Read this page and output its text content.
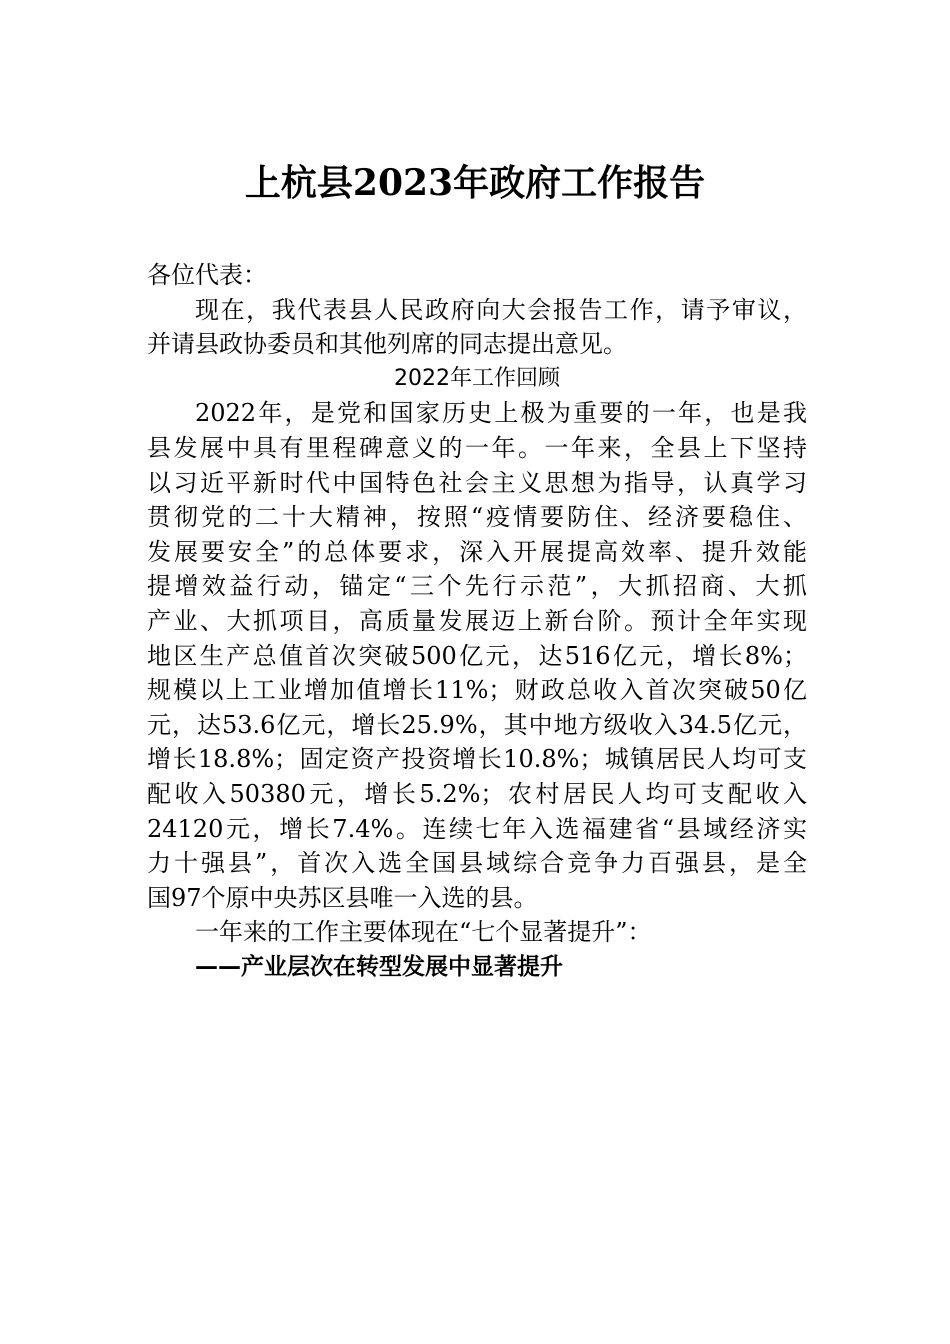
上杭县2023年政府工作报告
各位代表：
现在，我代表县人民政府向大会报告工作，请予审议，
并请县政协委员和其他列席的同志提出意见。
2022年工作回顾
2022年，是党和国家历史上极为重要的一年，也是我
县发展中具有里程碑意义的一年。一年来，全县上下坚持
以习近平新时代中国特色社会主义思想为指导，认真学习
贯彻党的二十大精神，按照“疫情要防住、经济要稳住、
发展要安全”的总体要求，深入开展提高效率、提升效能
提增效益行动，锚定“三个先行示范”，大抓招商、大抓
产业、大抓项目，高质量发展迈上新台阶。预计全年实现
地区生产总值首次突破500亿元，达516亿元，增长8%；
规模以上工业增加值增长11%；财政总收入首次突破50亿
元，达53.6亿元，增长25.9%，其中地方级收入34.5亿元，
增长18.8%；固定资产投资增长10.8%；城镇居民人均可支
配收入50380元，增长5.2%；农村居民人均可支配收入
24120元，增长7.4%。连续七年入选福建省“县域经济实
力十强县”，首次入选全国县域综合竞争力百强县，是全
国97个原中央苏区县唯一入选的县。
一年来的工作主要体现在“七个显著提升”：
——产业层次在转型发展中显著提升
